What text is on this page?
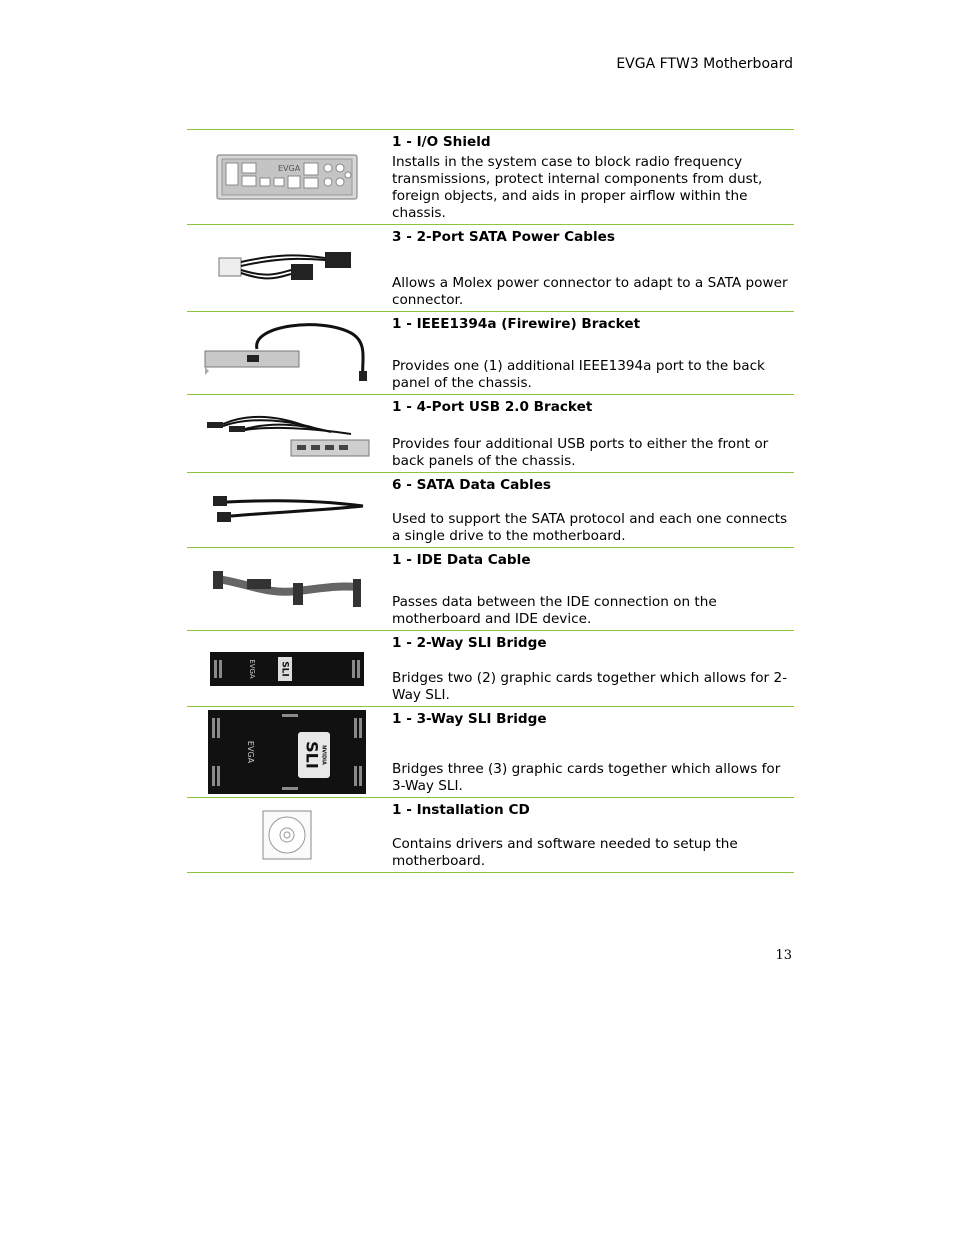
EVGA FTW3 Motherboard
EVGA
1 - I/O Shield
Installs in the system case to block radio frequency transmissions, protect internal components from dust, foreign objects, and aids in proper airflow within the chassis.
3 - 2-Port SATA Power Cables
Allows a Molex power connector to adapt to a SATA power connector.
1 - IEEE1394a (Firewire) Bracket
Provides one (1) additional IEEE1394a port to the back panel of the chassis.
1 - 4-Port USB 2.0 Bracket
Provides four additional USB ports to either the front or back panels of the chassis.
6 - SATA Data Cables
Used to support the SATA protocol and each one connects a single drive to the motherboard.
1 - IDE Data Cable
Passes data between the IDE connection on the motherboard and IDE device.
EVGA	SLI
1 - 2-Way SLI Bridge
Bridges two (2) graphic cards together which allows for 2-Way SLI.
EVGA	SLI NVIDIA
1 - 3-Way SLI Bridge
Bridges three (3) graphic cards together which allows for 3-Way SLI.
1 - Installation CD
Contains drivers and software needed to setup the motherboard.
13
